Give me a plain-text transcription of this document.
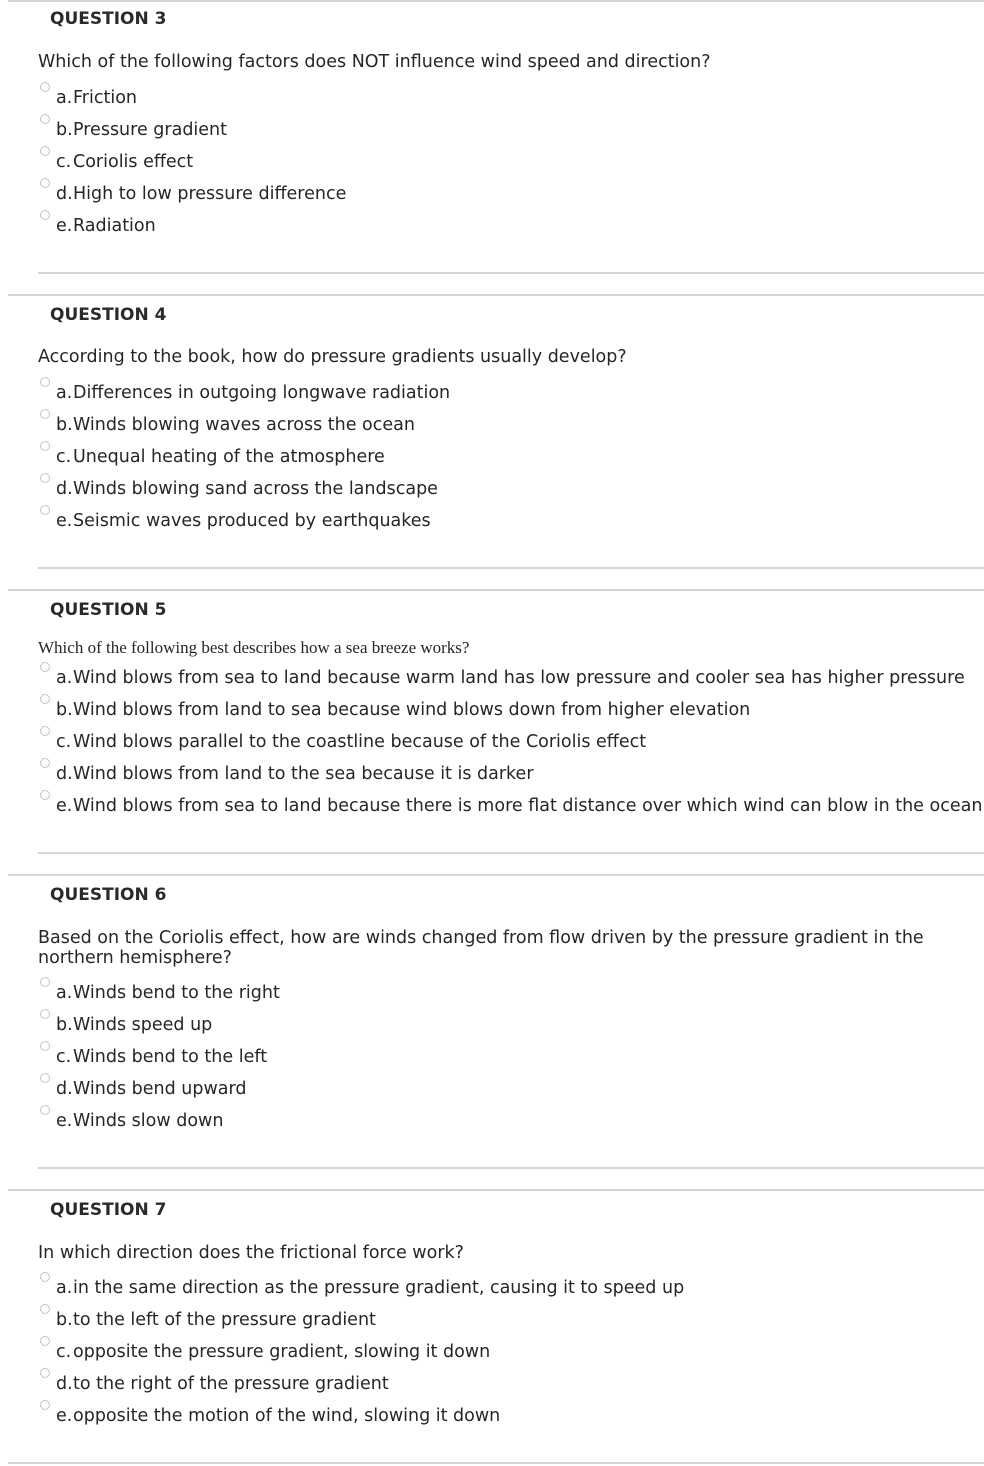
QUESTION 3
Which of the following factors does NOT influence wind speed and direction?
a. Friction
b. Pressure gradient
c. Coriolis effect
d. High to low pressure difference
e. Radiation
QUESTION 4
According to the book, how do pressure gradients usually develop?
a. Differences in outgoing longwave radiation
b. Winds blowing waves across the ocean
c. Unequal heating of the atmosphere
d. Winds blowing sand across the landscape
e. Seismic waves produced by earthquakes
QUESTION 5
Which of the following best describes how a sea breeze works?
a. Wind blows from sea to land because warm land has low pressure and cooler sea has higher pressure
b. Wind blows from land to sea because wind blows down from higher elevation
c. Wind blows parallel to the coastline because of the Coriolis effect
d. Wind blows from land to the sea because it is darker
e. Wind blows from sea to land because there is more flat distance over which wind can blow in the ocean
QUESTION 6
Based on the Coriolis effect, how are winds changed from flow driven by the pressure gradient in the northern hemisphere?
a. Winds bend to the right
b. Winds speed up
c. Winds bend to the left
d. Winds bend upward
e. Winds slow down
QUESTION 7
In which direction does the frictional force work?
a. in the same direction as the pressure gradient, causing it to speed up
b. to the left of the pressure gradient
c. opposite the pressure gradient, slowing it down
d. to the right of the pressure gradient
e. opposite the motion of the wind, slowing it down
